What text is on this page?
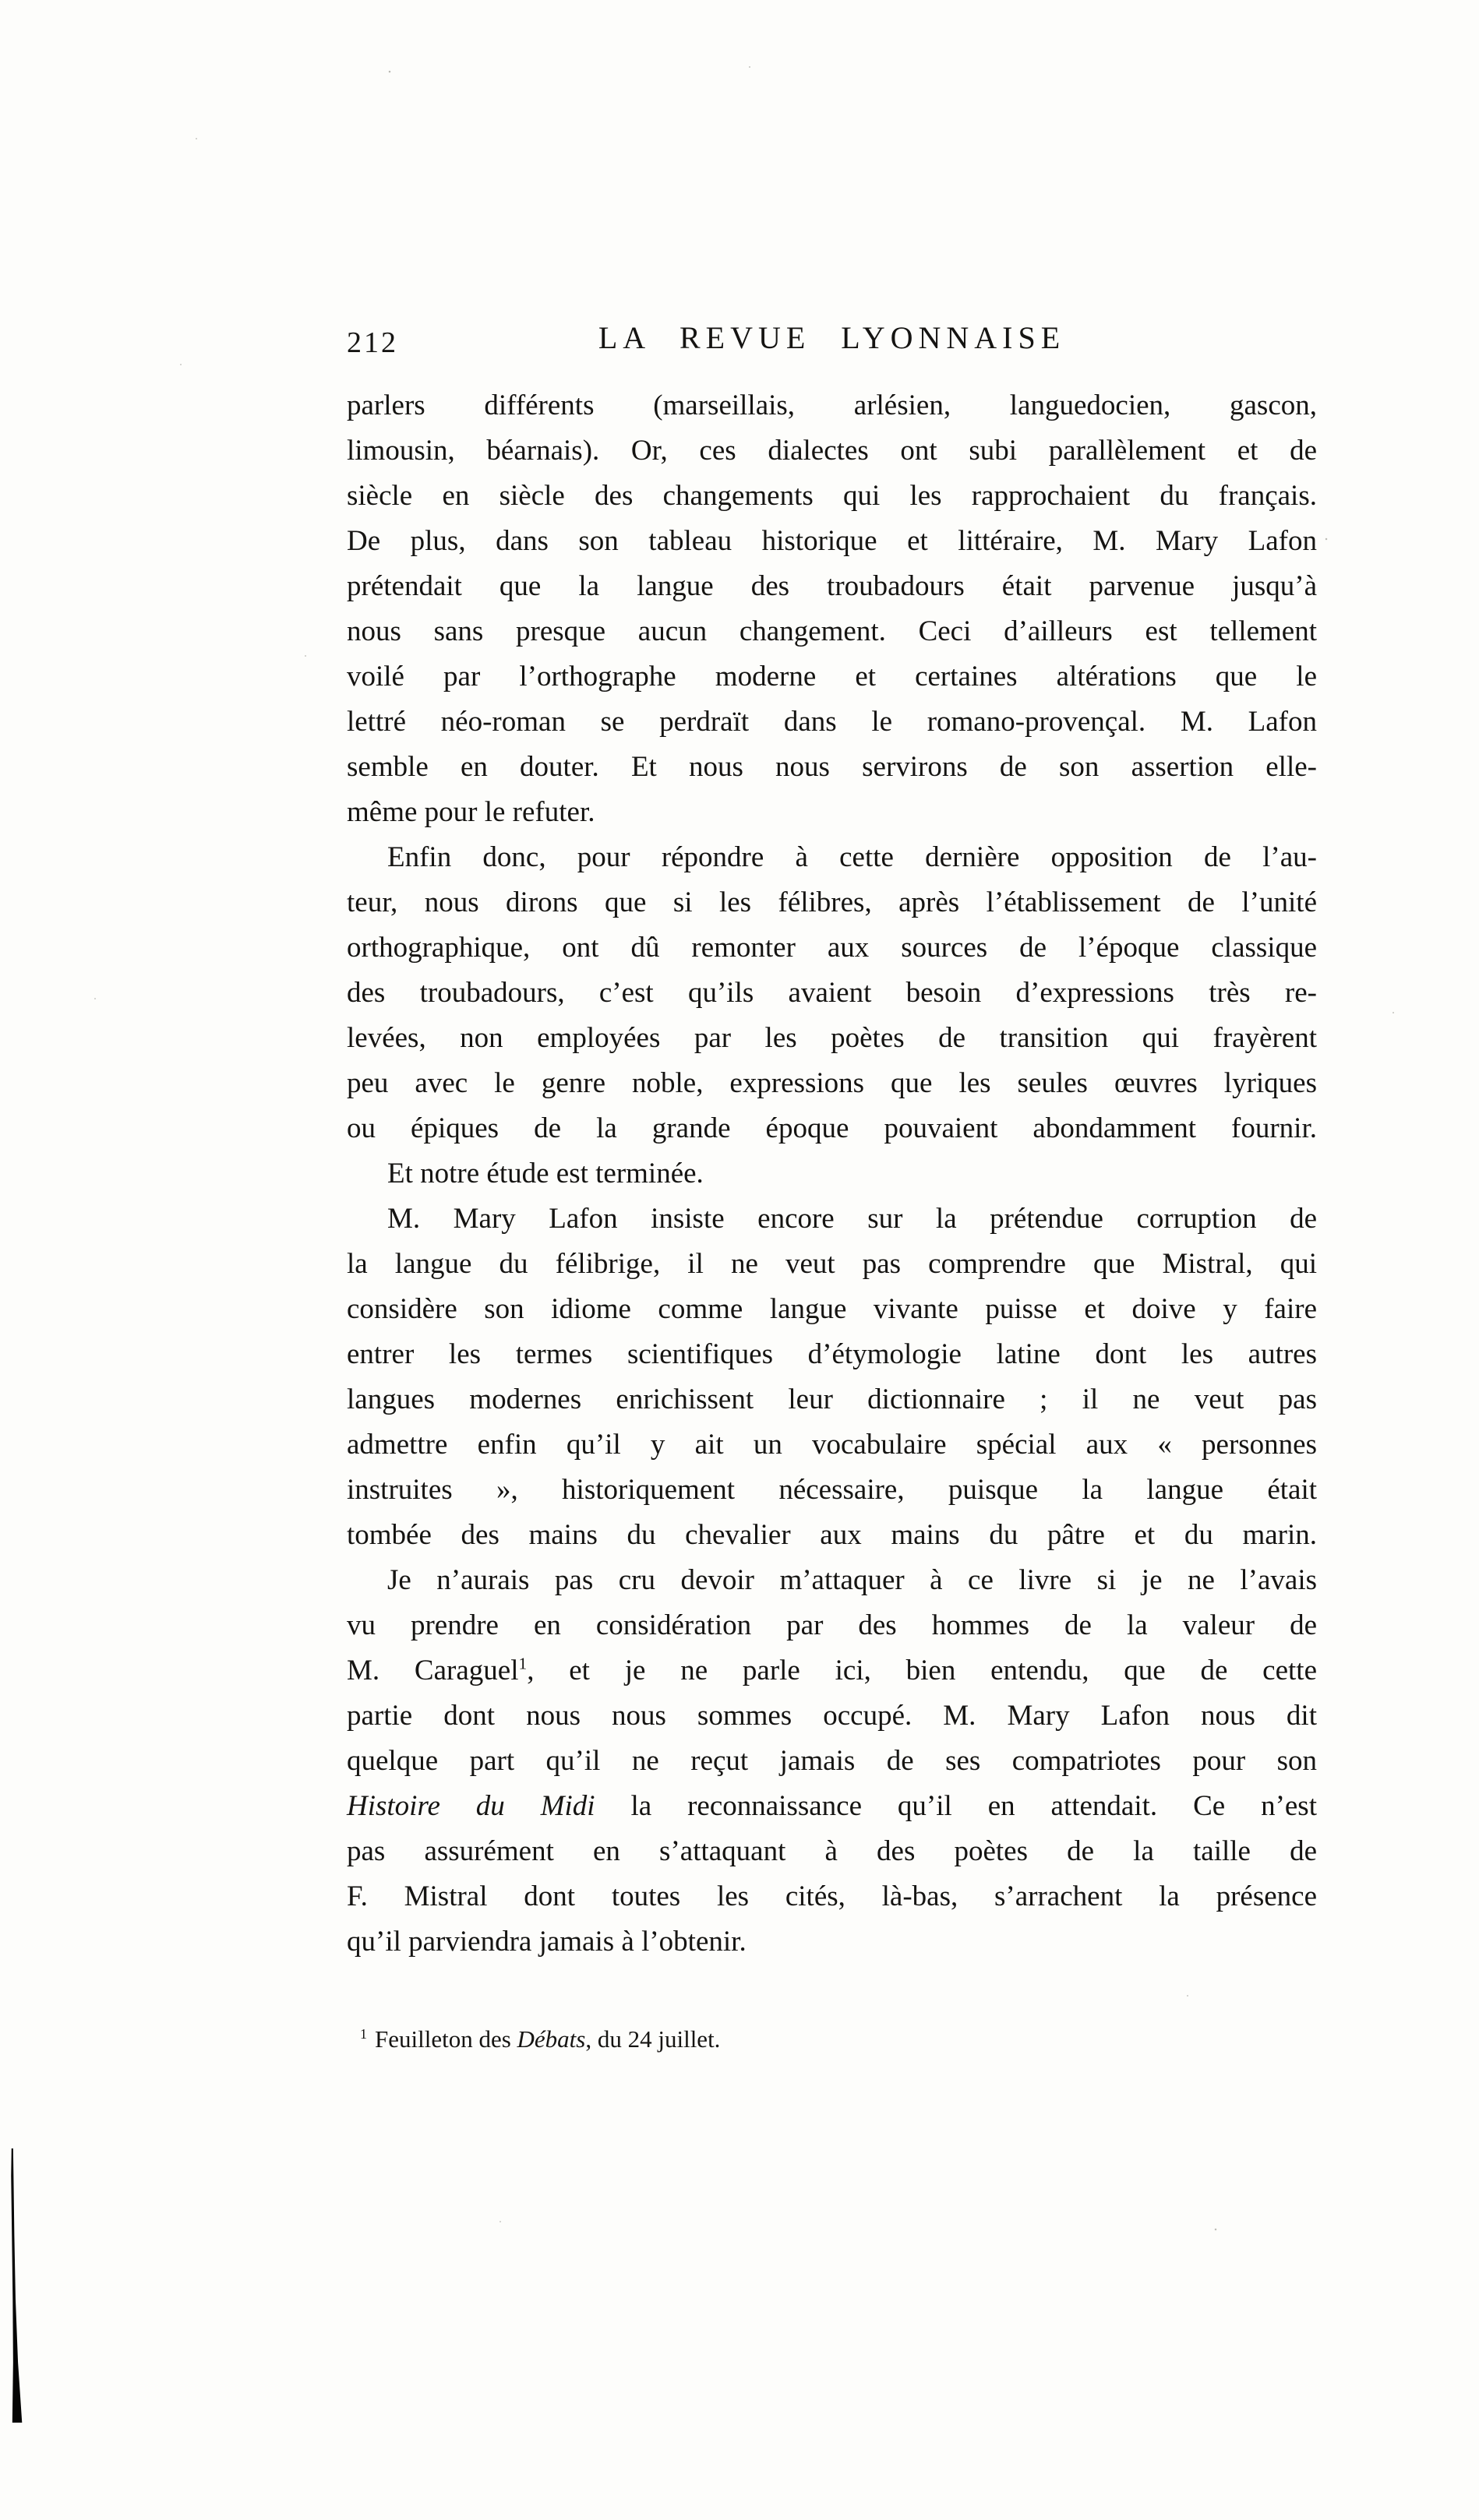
212	LA REVUE LYONNAISE
parlers différents (marseillais, arlésien, languedocien, gascon,
limousin, béarnais). Or, ces dialectes ont subi parallèlement et de
siècle en siècle des changements qui les rapprochaient du français.
De plus, dans son tableau historique et littéraire, M. Mary Lafon
prétendait que la langue des troubadours était parvenue jusqu’à
nous sans presque aucun changement. Ceci d’ailleurs est tellement
voilé par l’orthographe moderne et certaines altérations que le
lettré néo-roman se perdraït dans le romano-provençal. M. Lafon
semble en douter. Et nous nous servirons de son assertion elle-
même pour le refuter.
Enfin donc, pour répondre à cette dernière opposition de l’au-
teur, nous dirons que si les félibres, après l’établissement de l’unité
orthographique, ont dû remonter aux sources de l’époque classique
des troubadours, c’est qu’ils avaient besoin d’expressions très re-
levées, non employées par les poètes de transition qui frayèrent
peu avec le genre noble, expressions que les seules œuvres lyriques
ou épiques de la grande époque pouvaient abondamment fournir.
Et notre étude est terminée.
M. Mary Lafon insiste encore sur la prétendue corruption de
la langue du félibrige, il ne veut pas comprendre que Mistral, qui
considère son idiome comme langue vivante puisse et doive y faire
entrer les termes scientifiques d’étymologie latine dont les autres
langues modernes enrichissent leur dictionnaire ; il ne veut pas
admettre enfin qu’il y ait un vocabulaire spécial aux « personnes
instruites », historiquement nécessaire, puisque la langue était
tombée des mains du chevalier aux mains du pâtre et du marin.
Je n’aurais pas cru devoir m’attaquer à ce livre si je ne l’avais
vu prendre en considération par des hommes de la valeur de
M. Caraguel$^1$, et je ne parle ici, bien entendu, que de cette
partie dont nous nous sommes occupé. M. Mary Lafon nous dit
quelque part qu’il ne reçut jamais de ses compatriotes pour son
Histoire du Midi la reconnaissance qu’il en attendait. Ce n’est
pas assurément en s’attaquant à des poètes de la taille de
F. Mistral dont toutes les cités, là-bas, s’arrachent la présence
qu’il parviendra jamais à l’obtenir.
$^1$ Feuilleton des Débats, du 24 juillet.
